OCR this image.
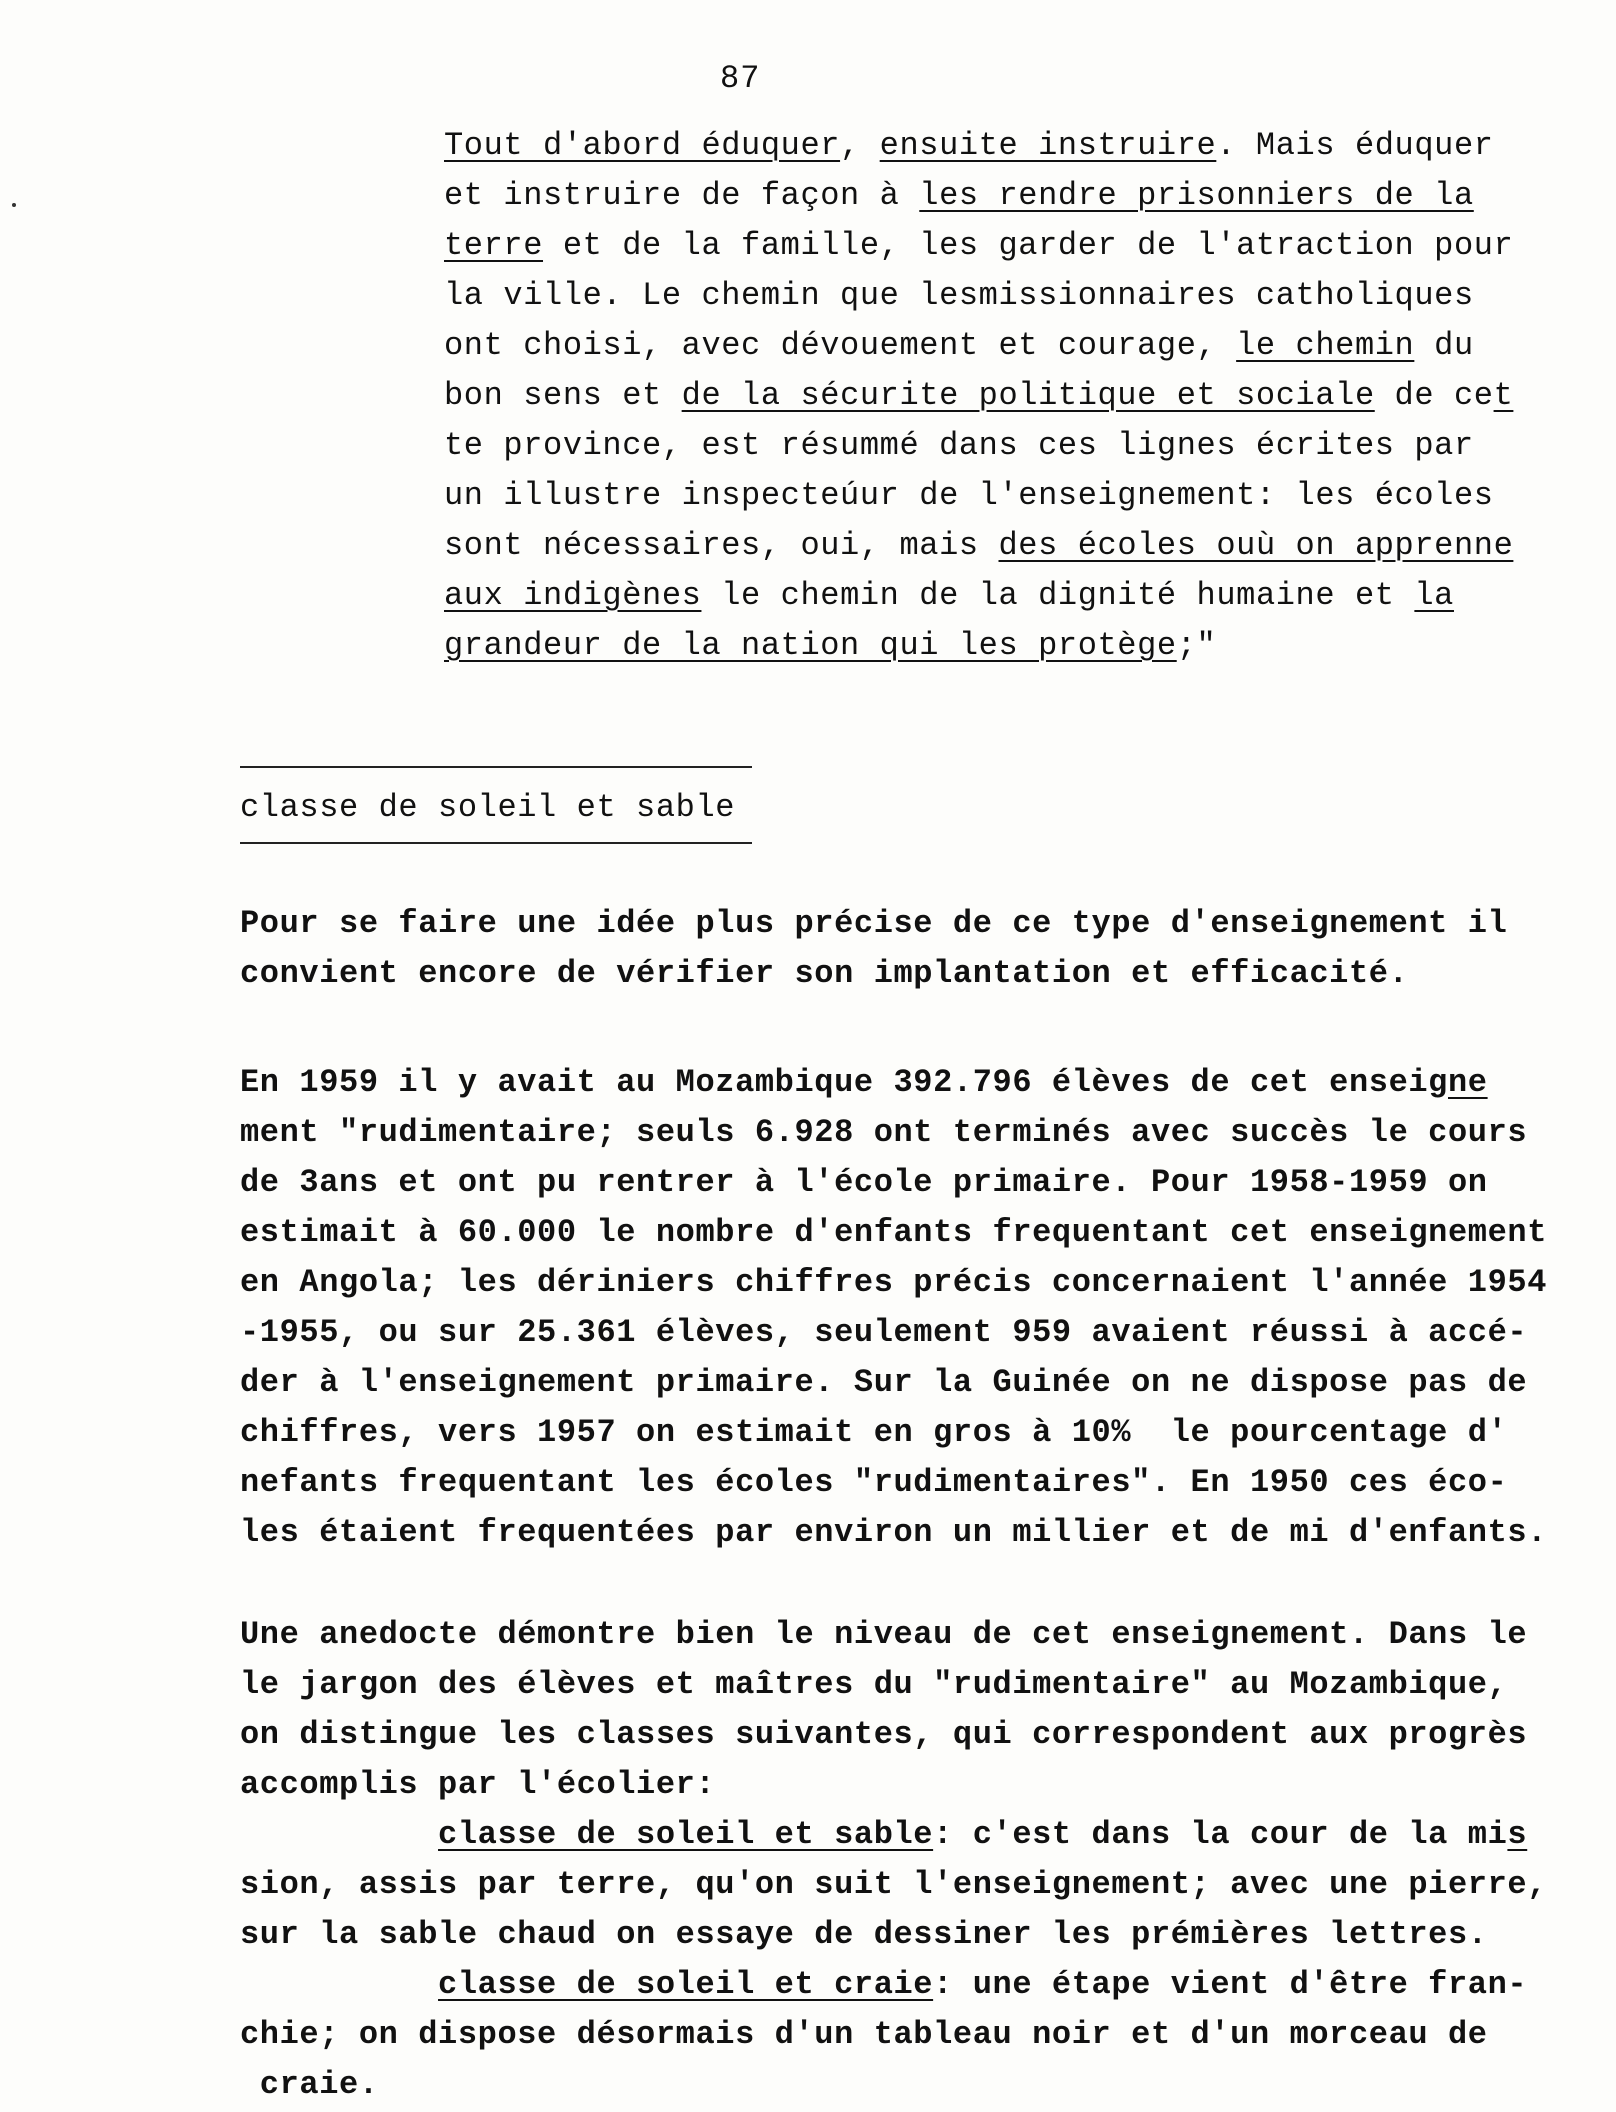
87
Tout d'abord éduquer, ensuite instruire. Mais éduquer
et instruire de façon à les rendre prisonniers de la
terre et de la famille, les garder de l'atraction pour
la ville. Le chemin que lesmissionnaires catholiques
ont choisi, avec dévouement et courage, le chemin du
bon sens et de la sécurite politique et sociale de cet
te province, est résummé dans ces lignes écrites par
un illustre inspecteúur de l'enseignement: les écoles
sont nécessaires, oui, mais des écoles ouù on apprenne
aux indigènes le chemin de la dignité humaine et la
grandeur de la nation qui les protège;"
classe de soleil et sable
Pour se faire une idée plus précise de ce type d'enseignement il
convient encore de vérifier son implantation et efficacité.
En 1959 il y avait au Mozambique 392.796 élèves de cet enseigne
ment "rudimentaire; seuls 6.928 ont terminés avec succès le cours
de 3ans et ont pu rentrer à l'école primaire. Pour 1958-1959 on
estimait à 60.000 le nombre d'enfants frequentant cet enseignement
en Angola; les dériniers chiffres précis concernaient l'année 1954
-1955, ou sur 25.361 élèves, seulement 959 avaient réussi à accé-
der à l'enseignement primaire. Sur la Guinée on ne dispose pas de
chiffres, vers 1957 on estimait en gros à 10%  le pourcentage d'
nefants frequentant les écoles "rudimentaires". En 1950 ces éco-
les étaient frequentées par environ un millier et de mi d'enfants.
Une anedocte démontre bien le niveau de cet enseignement. Dans le
le jargon des élèves et maîtres du "rudimentaire" au Mozambique,
on distingue les classes suivantes, qui correspondent aux progrès
accomplis par l'écolier:
classe de soleil et sable: c'est dans la cour de la mis
sion, assis par terre, qu'on suit l'enseignement; avec une pierre,
sur la sable chaud on essaye de dessiner les prémières lettres.
classe de soleil et craie: une étape vient d'être fran-
chie; on dispose désormais d'un tableau noir et d'un morceau de
craie.
